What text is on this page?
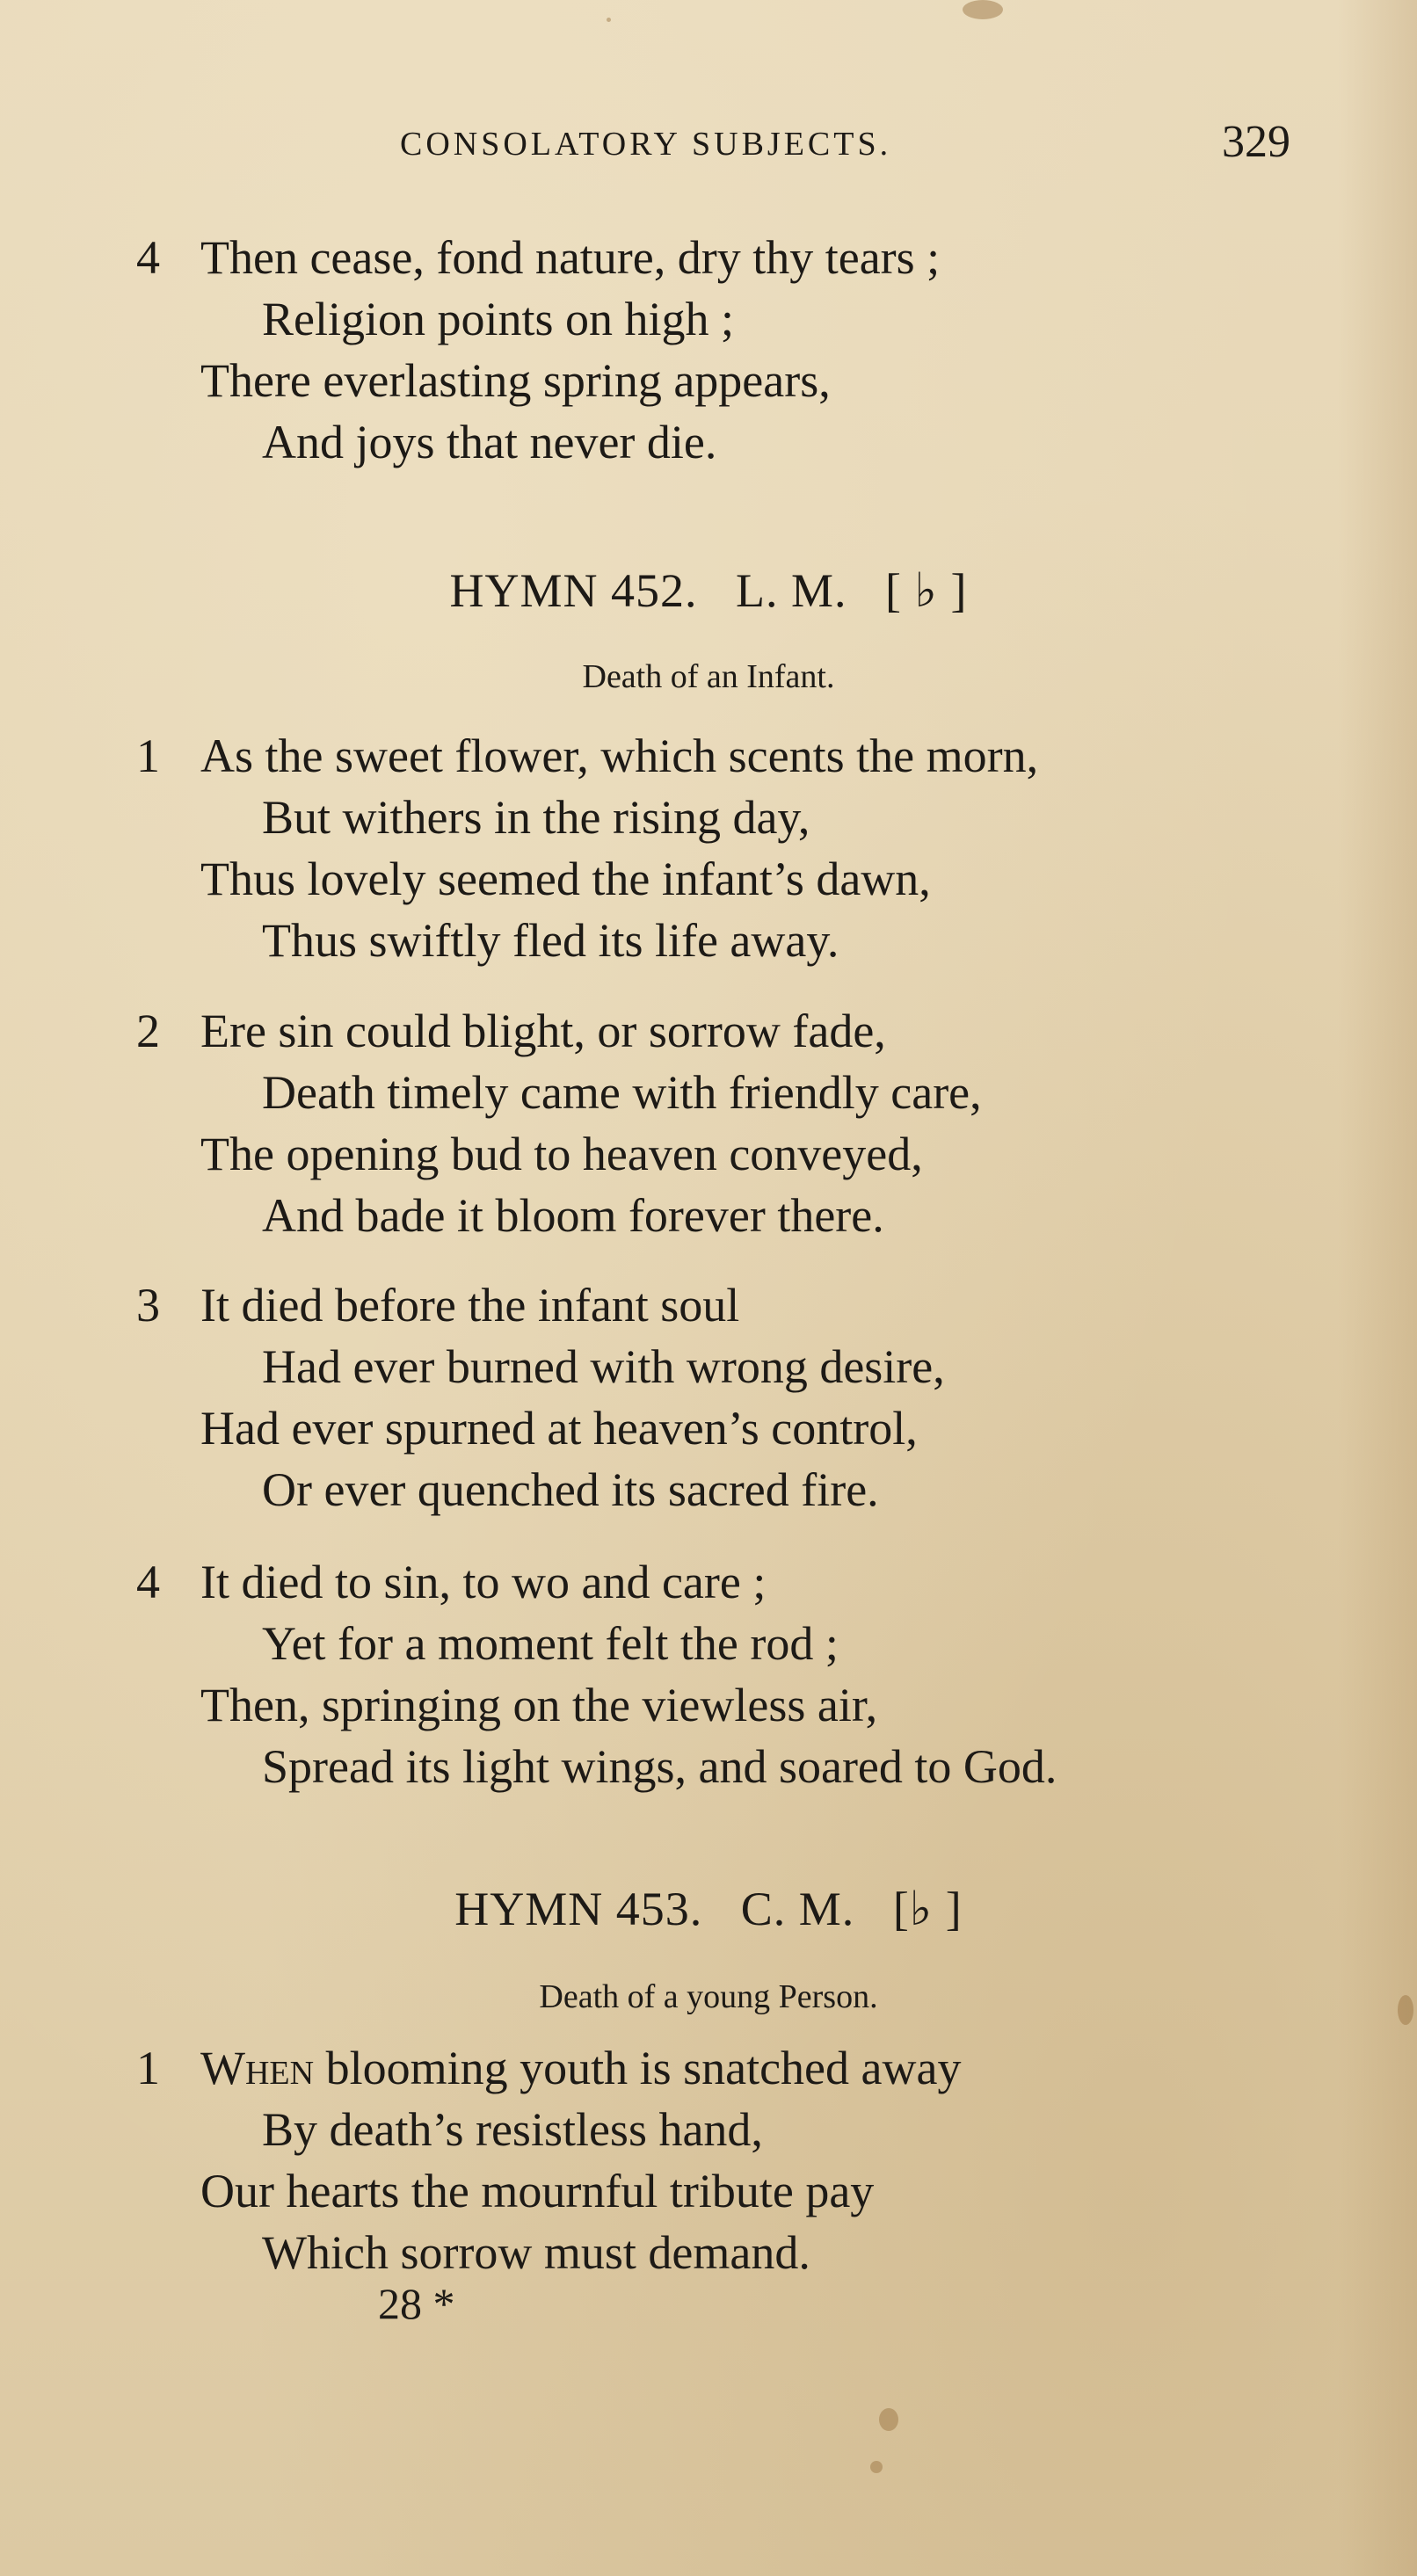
CONSOLATORY SUBJECTS.	329
4 Then cease, fond nature, dry thy tears ;
Religion points on high ;
There everlasting spring appears,
And joys that never die.
HYMN 452. L. M. [ ♭ ]
Death of an Infant.
1 As the sweet flower, which scents the morn,
But withers in the rising day,
Thus lovely seemed the infant’s dawn,
Thus swiftly fled its life away.
2 Ere sin could blight, or sorrow fade,
Death timely came with friendly care,
The opening bud to heaven conveyed,
And bade it bloom forever there.
3 It died before the infant soul
Had ever burned with wrong desire,
Had ever spurned at heaven’s control,
Or ever quenched its sacred fire.
4 It died to sin, to wo and care ;
Yet for a moment felt the rod ;
Then, springing on the viewless air,
Spread its light wings, and soared to God.
HYMN 453. C. M. [♭ ]
Death of a young Person.
1 When blooming youth is snatched away
By death’s resistless hand,
Our hearts the mournful tribute pay
Which sorrow must demand.
28 *
